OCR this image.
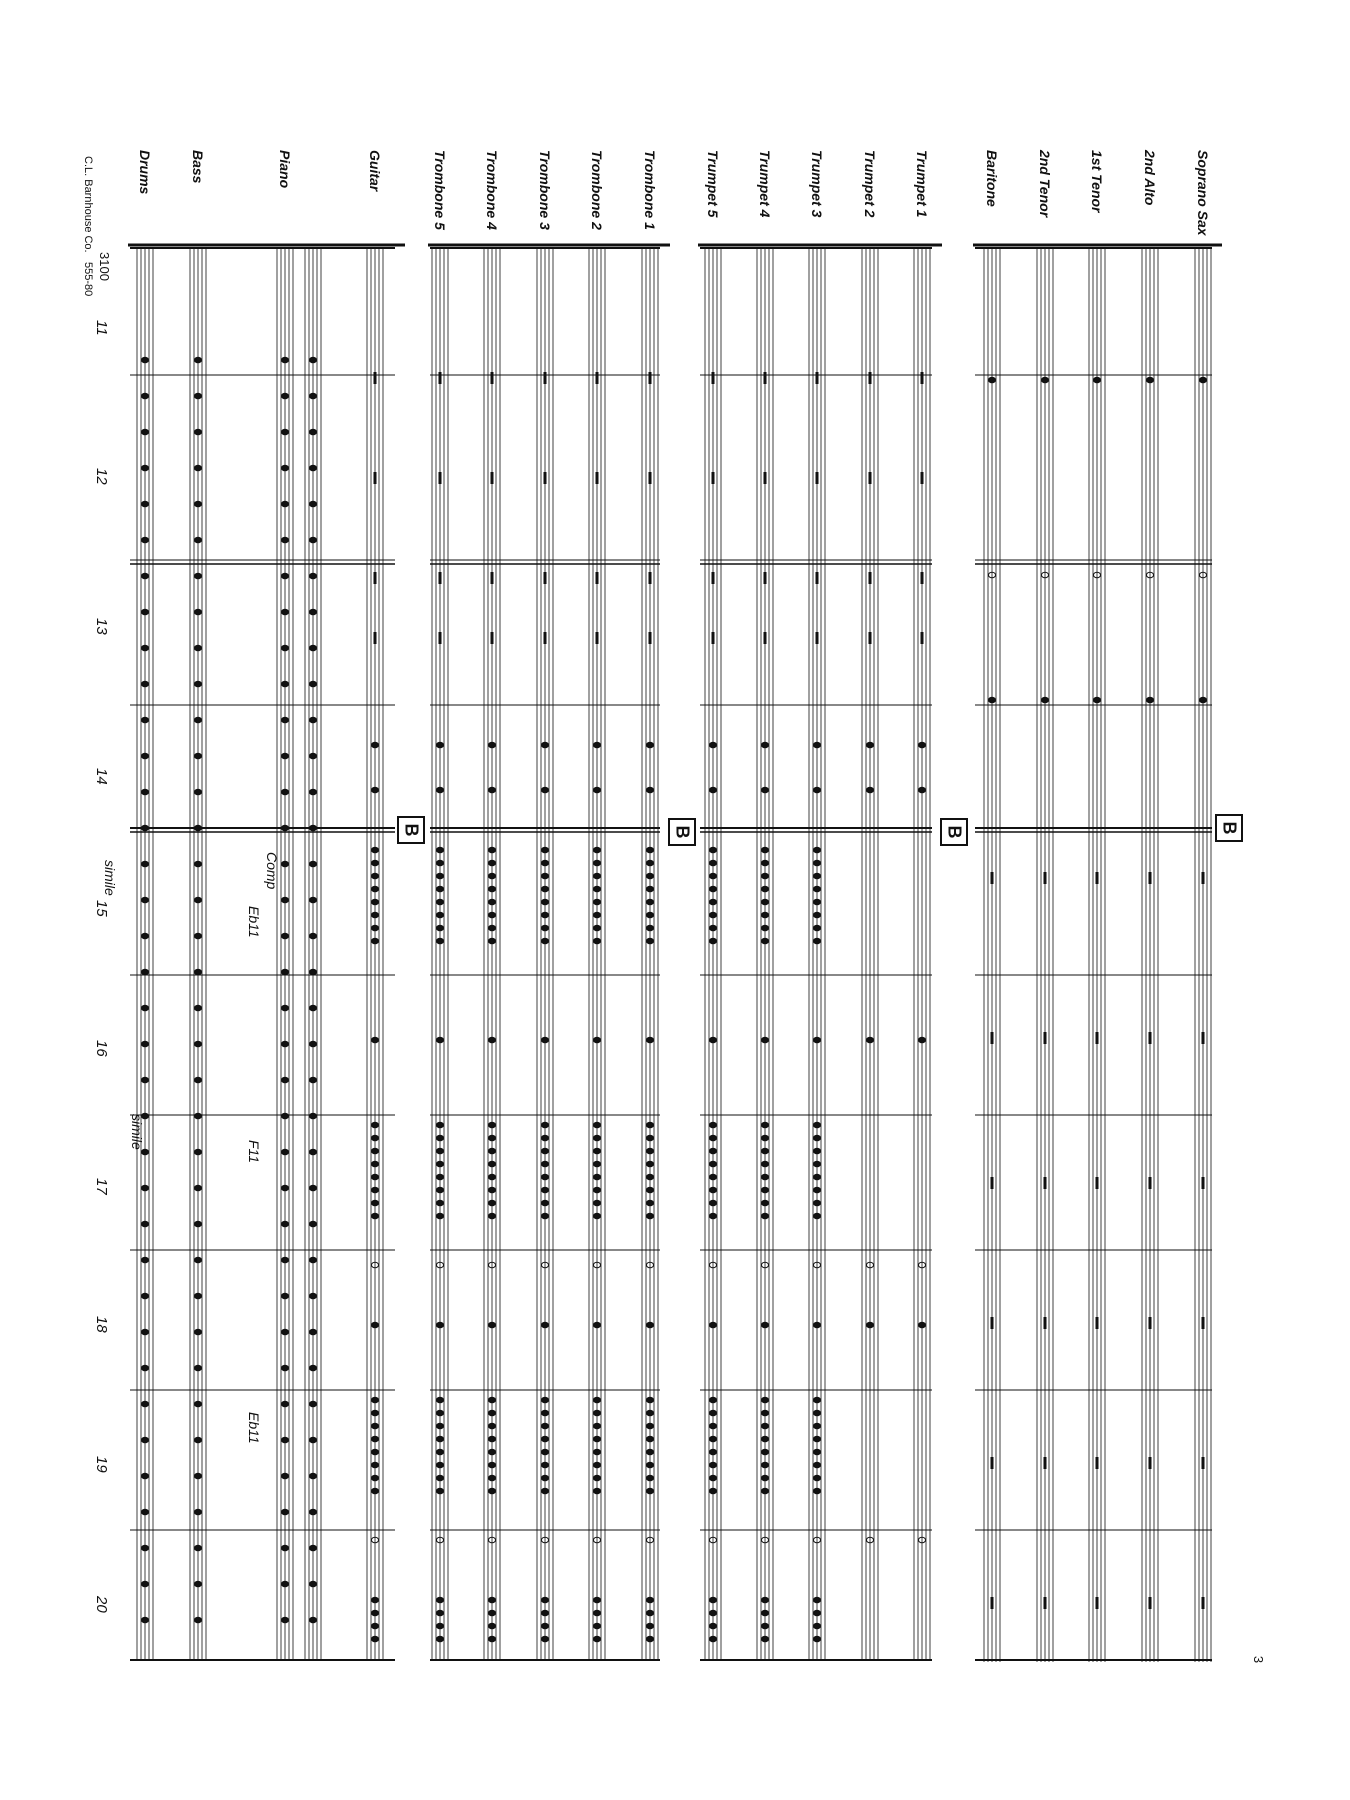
Soprano Sax
2nd Alto
1st Tenor
2nd Tenor
Baritone
Trumpet 1
Trumpet 2
Trumpet 3
Trumpet 4
Trumpet 5
Trombone 1
Trombone 2
Trombone 3
Trombone 4
Trombone 5
Guitar
Piano
Bass
Drums
11
12
13
14
15
16
17
18
19
20
B
B
B
B
Comp
Eb11
F11
Eb11
simile
simile
3
C.L. Barnhouse Co.
555-80 3100
